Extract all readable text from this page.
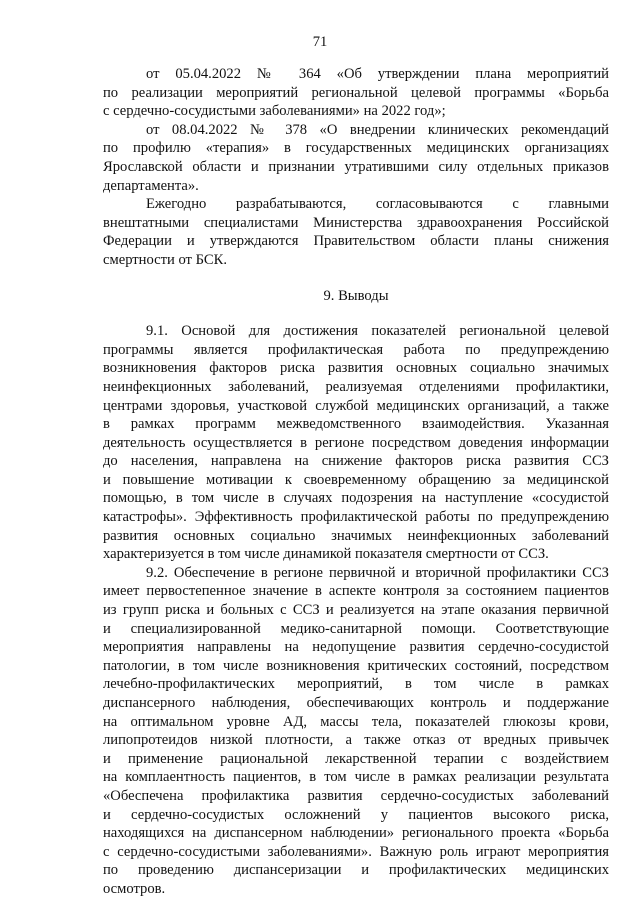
71

от 05.04.2022 № 364 «Об утверждении плана мероприятий
по реализации мероприятий региональной целевой программы «Борьба
с сердечно-сосудистыми заболеваниями» на 2022 год»;

от 08.04.2022 № 378 «О внедрении клинических рекомендаций
по профилю «терапия» в государственных медицинских организациях
Ярославской области и признании утратившими силу отдельных приказов
департамента».

Ежегодно разрабатываются, согласовываются с главными
внештатными специалистами Министерства здравоохранения Российской
Федерации и утверждаются Правительством области планы снижения
смертности от БСК.

9. Выводы

9.1. Основой для достижения показателей региональной целевой
программы является профилактическая работа по предупреждению
возникновения факторов риска развития основных социально значимых
неинфекционных заболеваний, реализуемая отделениями профилактики,
центрами здоровья, участковой службой медицинских организаций, а также
в рамках программ межведомственного взаимодействия. Указанная
деятельность осуществляется в регионе посредством доведения информации
до населения, направлена на снижение факторов риска развития ССЗ
и повышение мотивации к своевременному обращению за медицинской
помощью, в том числе в случаях подозрения на наступление «сосудистой
катастрофы». Эффективность профилактической работы по предупреждению
развития основных социально значимых неинфекционных заболеваний
характеризуется в том числе динамикой показателя смертности от ССЗ.

9.2. Обеспечение в регионе первичной и вторичной профилактики ССЗ
имеет первостепенное значение в аспекте контроля за состоянием пациентов
из групп риска и больных с ССЗ и реализуется на этапе оказания первичной
и специализированной медико-санитарной помощи. Соответствующие
мероприятия направлены на недопущение развития сердечно-сосудистой
патологии, в том числе возникновения критических состояний, посредством
лечебно-профилактических мероприятий, в том числе в рамках
диспансерного наблюдения, обеспечивающих контроль и поддержание
на оптимальном уровне АД, массы тела, показателей глюкозы крови,
липопротеидов низкой плотности, а также отказ от вредных привычек
и применение рациональной лекарственной терапии с воздействием
на комплаентность пациентов, в том числе в рамках реализации результата
«Обеспечена профилактика развития сердечно-сосудистых заболеваний
и сердечно-сосудистых осложнений у пациентов высокого риска,
находящихся на диспансерном наблюдении» регионального проекта «Борьба
с сердечно-сосудистыми заболеваниями». Важную роль играют мероприятия
по проведению диспансеризации и профилактических медицинских
осмотров.
